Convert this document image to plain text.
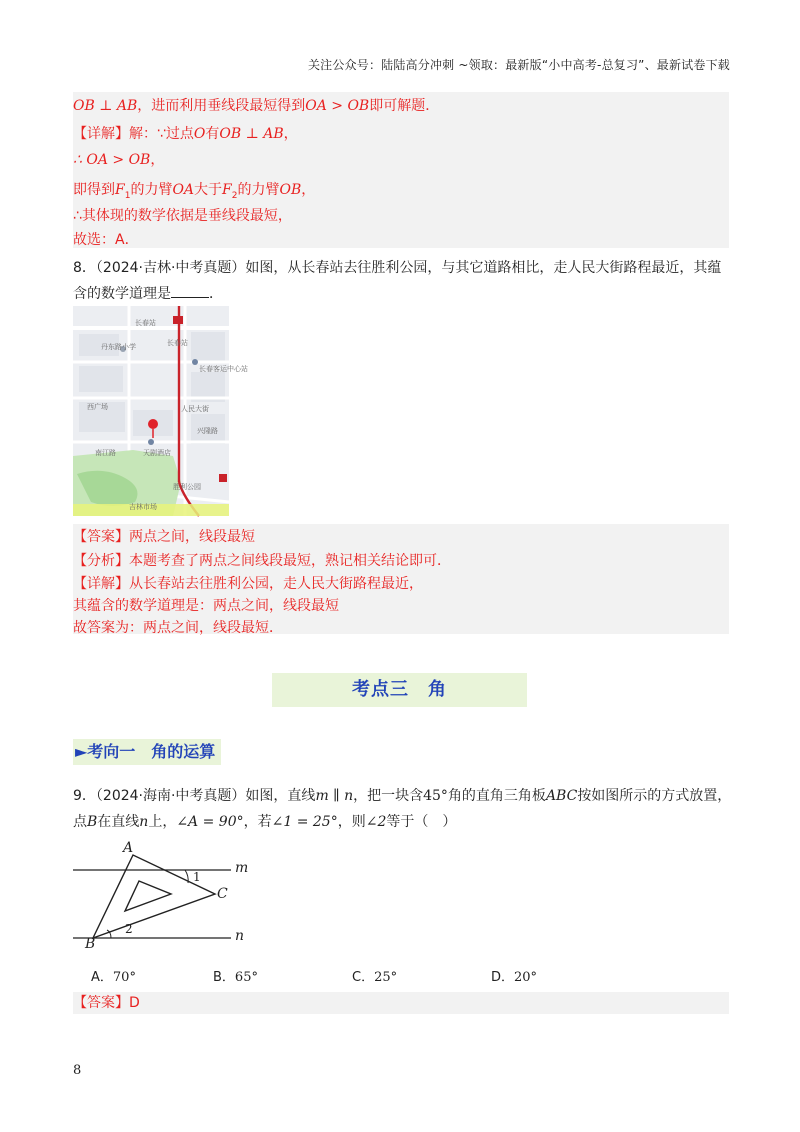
关注公众号：陆陆高分冲刺 ~领取：最新版“小中高考-总复习”、最新试卷下载
OB ⊥ AB，进而利用垂线段最短得到OA > OB即可解题．
【详解】解：∵过点O有OB ⊥ AB，
∴ OA > OB，
即得到$F_1$的力臂OA大于$F_2$的力臂OB，
∴其体现的数学依据是垂线段最短，
故选：A．
8．（2024·吉林·中考真题）如图，从长春站去往胜利公园，与其它道路相比，走人民大街路程最近，其蕴
含的数学道理是	．
长春站
长春站
丹东路小学
长春客运中心站
西广场	人民大街
兴隆路
南江路	天剧酒店
胜利公园
吉林市场
【答案】两点之间，线段最短
【分析】本题考查了两点之间线段最短，熟记相关结论即可．
【详解】从长春站去往胜利公园，走人民大街路程最近，
其蕴含的数学道理是：两点之间，线段最短
故答案为：两点之间，线段最短．
考点三　角
►考向一　角的运算
9．（2024·海南·中考真题）如图，直线m ∥ n，把一块含45°角的直角三角板ABC按如图所示的方式放置，
点B在直线n上，∠A = 90°，若∠1 = 25°，则∠2等于（　）
A
B
C
m
n
1
2
A．70°	B．65°	C．25°	D．20°
【答案】D
8
